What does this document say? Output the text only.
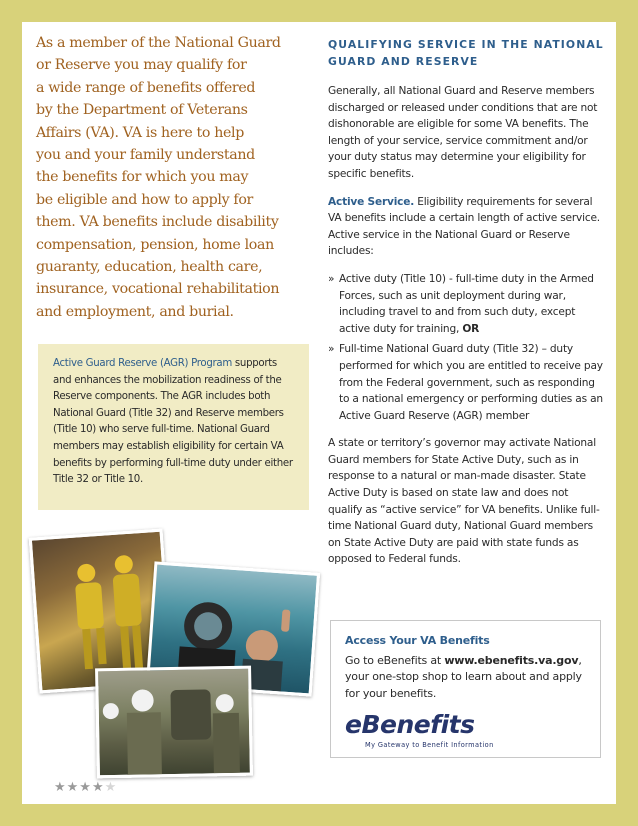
As a member of the National Guard
or Reserve you may qualify for
a wide range of benefits offered
by the Department of Veterans
Affairs (VA). VA is here to help
you and your family understand
the benefits for which you may
be eligible and how to apply for
them. VA benefits include disability
compensation, pension, home loan
guaranty, education, health care,
insurance, vocational rehabilitation
and employment, and burial.
Active Guard Reserve (AGR) Program supports and enhances the mobilization readiness of the Reserve components. The AGR includes both National Guard (Title 32) and Reserve members (Title 10) who serve full-time. National Guard members may establish eligibility for certain VA benefits by performing full-time duty under either Title 32 or Title 10.
★★★★★
QUALIFYING SERVICE IN THE NATIONAL GUARD AND RESERVE

Generally, all National Guard and Reserve members discharged or released under conditions that are not dishonorable are eligible for some VA benefits. The length of your service, service commitment and/or your duty status may determine your eligibility for specific benefits.

Active Service. Eligibility requirements for several VA benefits include a certain length of active service. Active service in the National Guard or Reserve includes:

» Active duty (Title 10) - full-time duty in the Armed Forces, such as unit deployment during war, including travel to and from such duty, except active duty for training, OR
» Full-time National Guard duty (Title 32) – duty performed for which you are entitled to receive pay from the Federal government, such as responding to a national emergency or performing duties as an Active Guard Reserve (AGR) member

A state or territory’s governor may activate National Guard members for State Active Duty, such as in response to a natural or man-made disaster. State Active Duty is based on state law and does not qualify as “active service” for VA benefits. Unlike full-time National Guard duty, National Guard members on State Active Duty are paid with state funds as opposed to Federal funds.

Access Your VA Benefits
Go to eBenefits at www.ebenefits.va.gov, your one-stop shop to learn about and apply for your benefits.
eBenefits
My Gateway to Benefit Information
